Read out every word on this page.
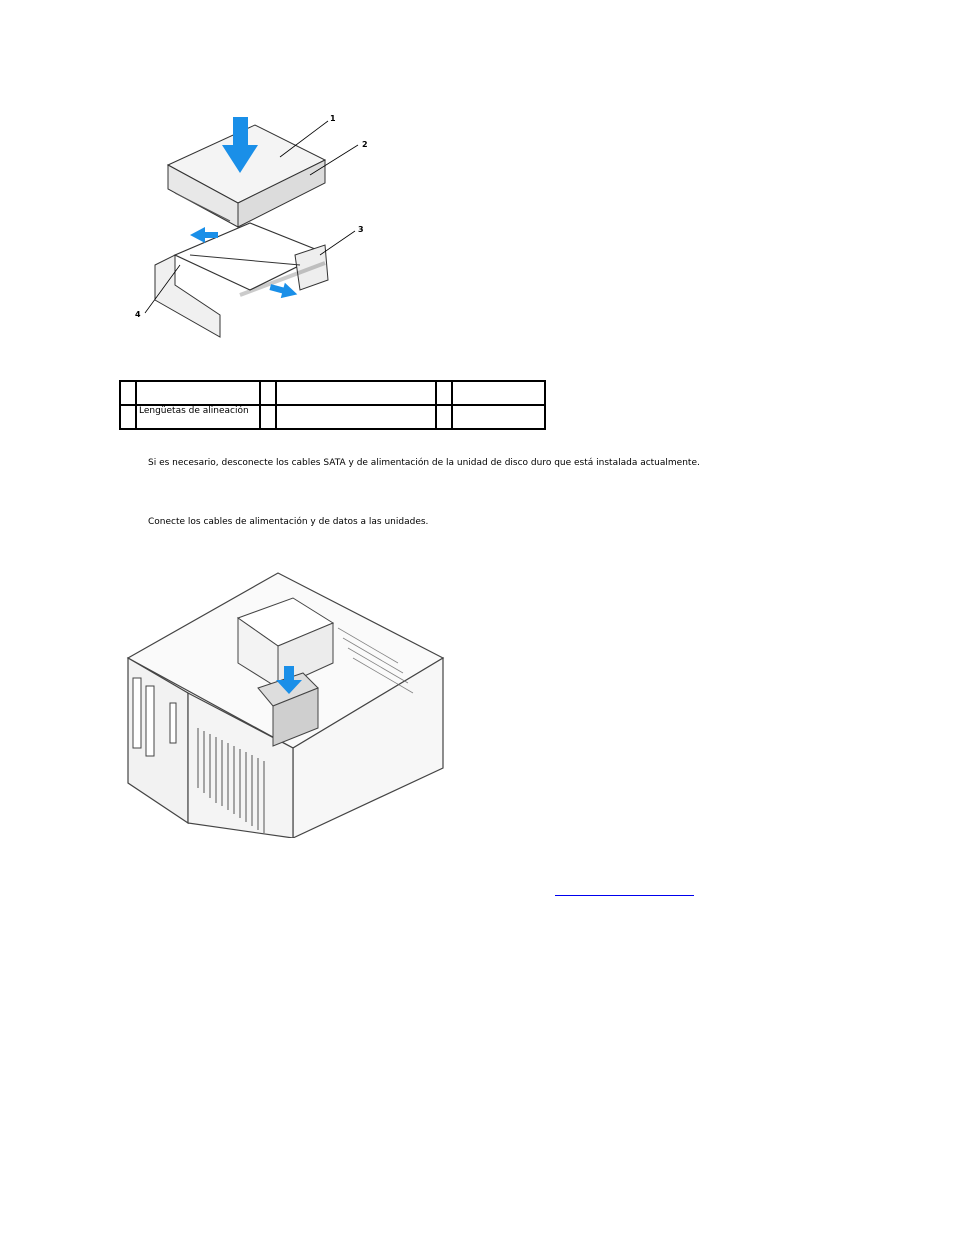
1
2
3
4

	Lengüetas de alineación				
Si es necesario, desconecte los cables SATA y de alimentación de la unidad de disco duro que está instalada actualmente.
Conecte los cables de alimentación y de datos a las unidades.
